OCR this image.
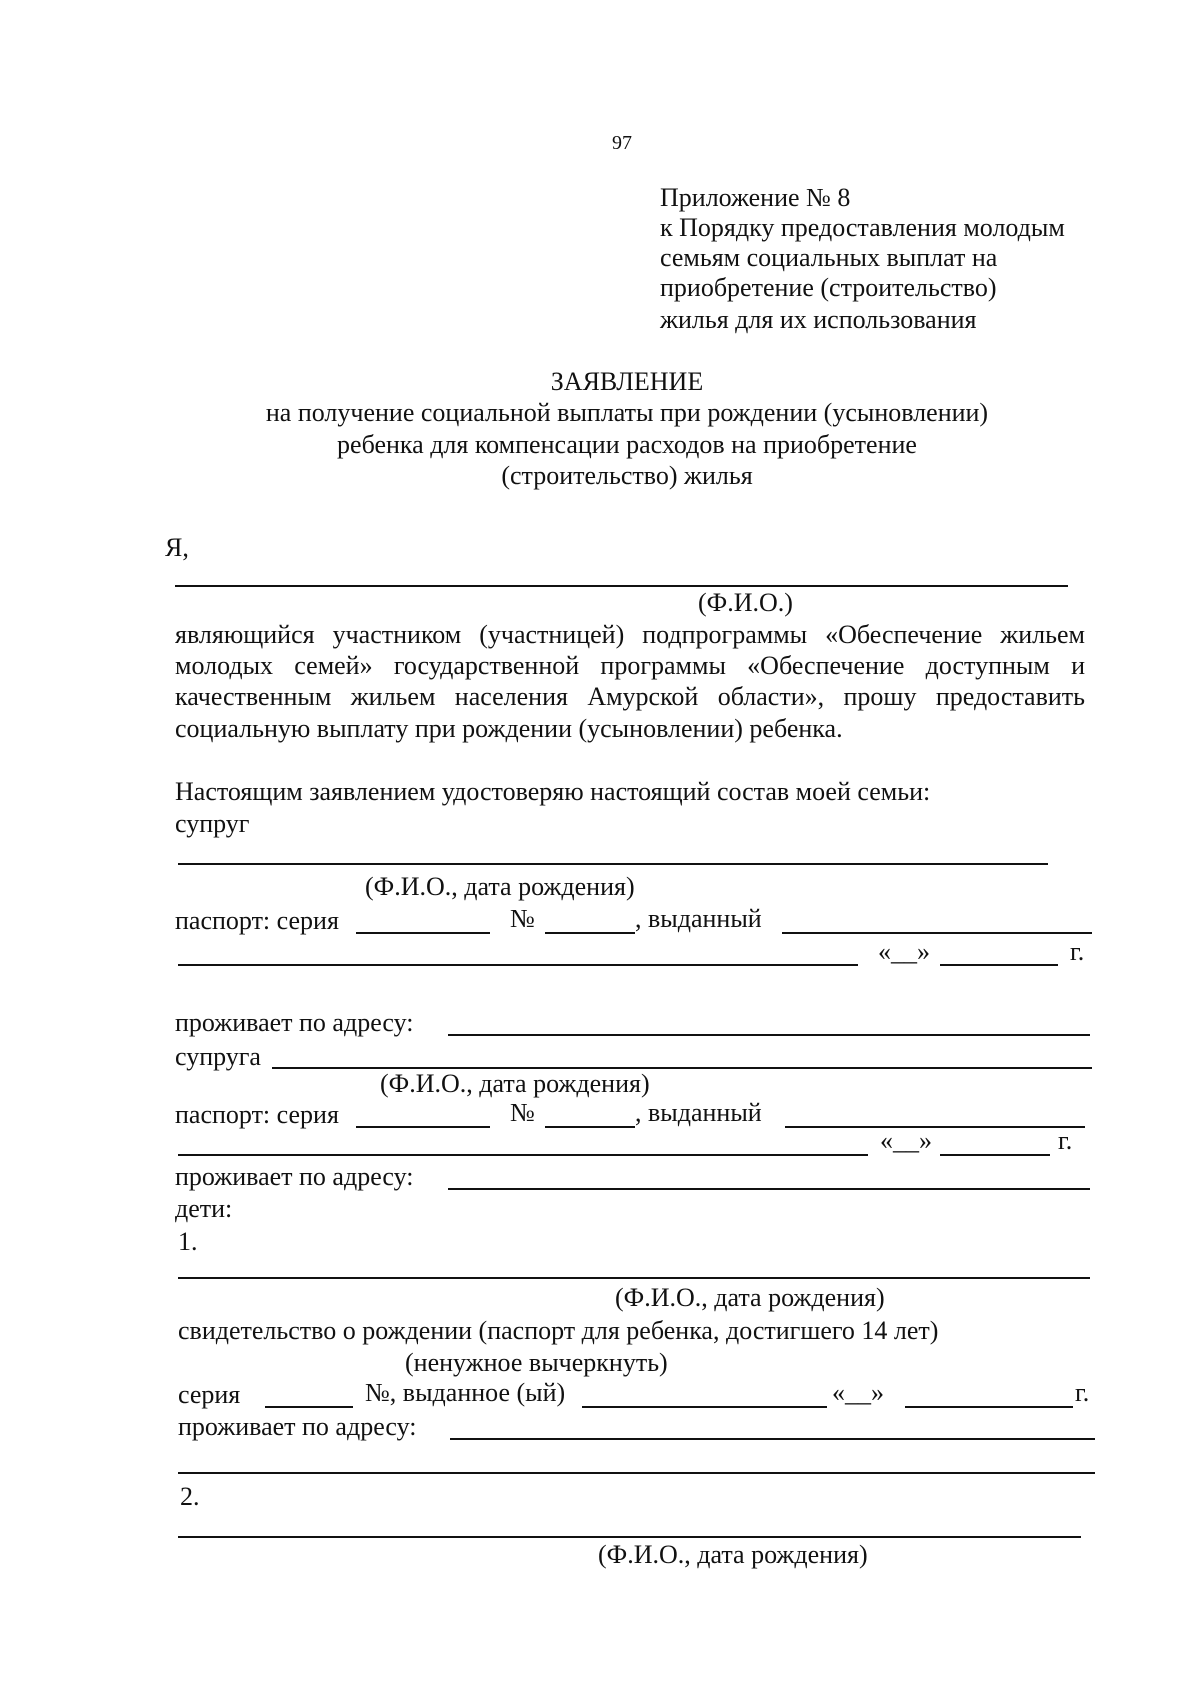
97
Приложение № 8
к Порядку предоставления молодым
семьям социальных выплат на
приобретение (строительство)
жилья для их использования
ЗАЯВЛЕНИЕ
на получение социальной выплаты при рождении (усыновлении)
ребенка для компенсации расходов на приобретение
(строительство) жилья
Я,
(Ф.И.О.)
являющийся участником (участницей) подпрограммы «Обеспечение жильем
молодых семей» государственной программы «Обеспечение доступным и
качественным жильем населения Амурской области», прошу предоставить
социальную выплату при рождении (усыновлении) ребенка.
Настоящим заявлением удостоверяю настоящий состав моей семьи:
супруг
(Ф.И.О., дата рождения)
паспорт: серия	№	, выданный
«__»	г.
проживает по адресу:
супруга
(Ф.И.О., дата рождения)
паспорт: серия	№	, выданный
«__»	г.
проживает по адресу:
дети:
1.
(Ф.И.О., дата рождения)
свидетельство о рождении (паспорт для ребенка, достигшего 14 лет)
(ненужное вычеркнуть)
серия	№, выданное (ый)	«__»	г.
проживает по адресу:
2.
(Ф.И.О., дата рождения)
